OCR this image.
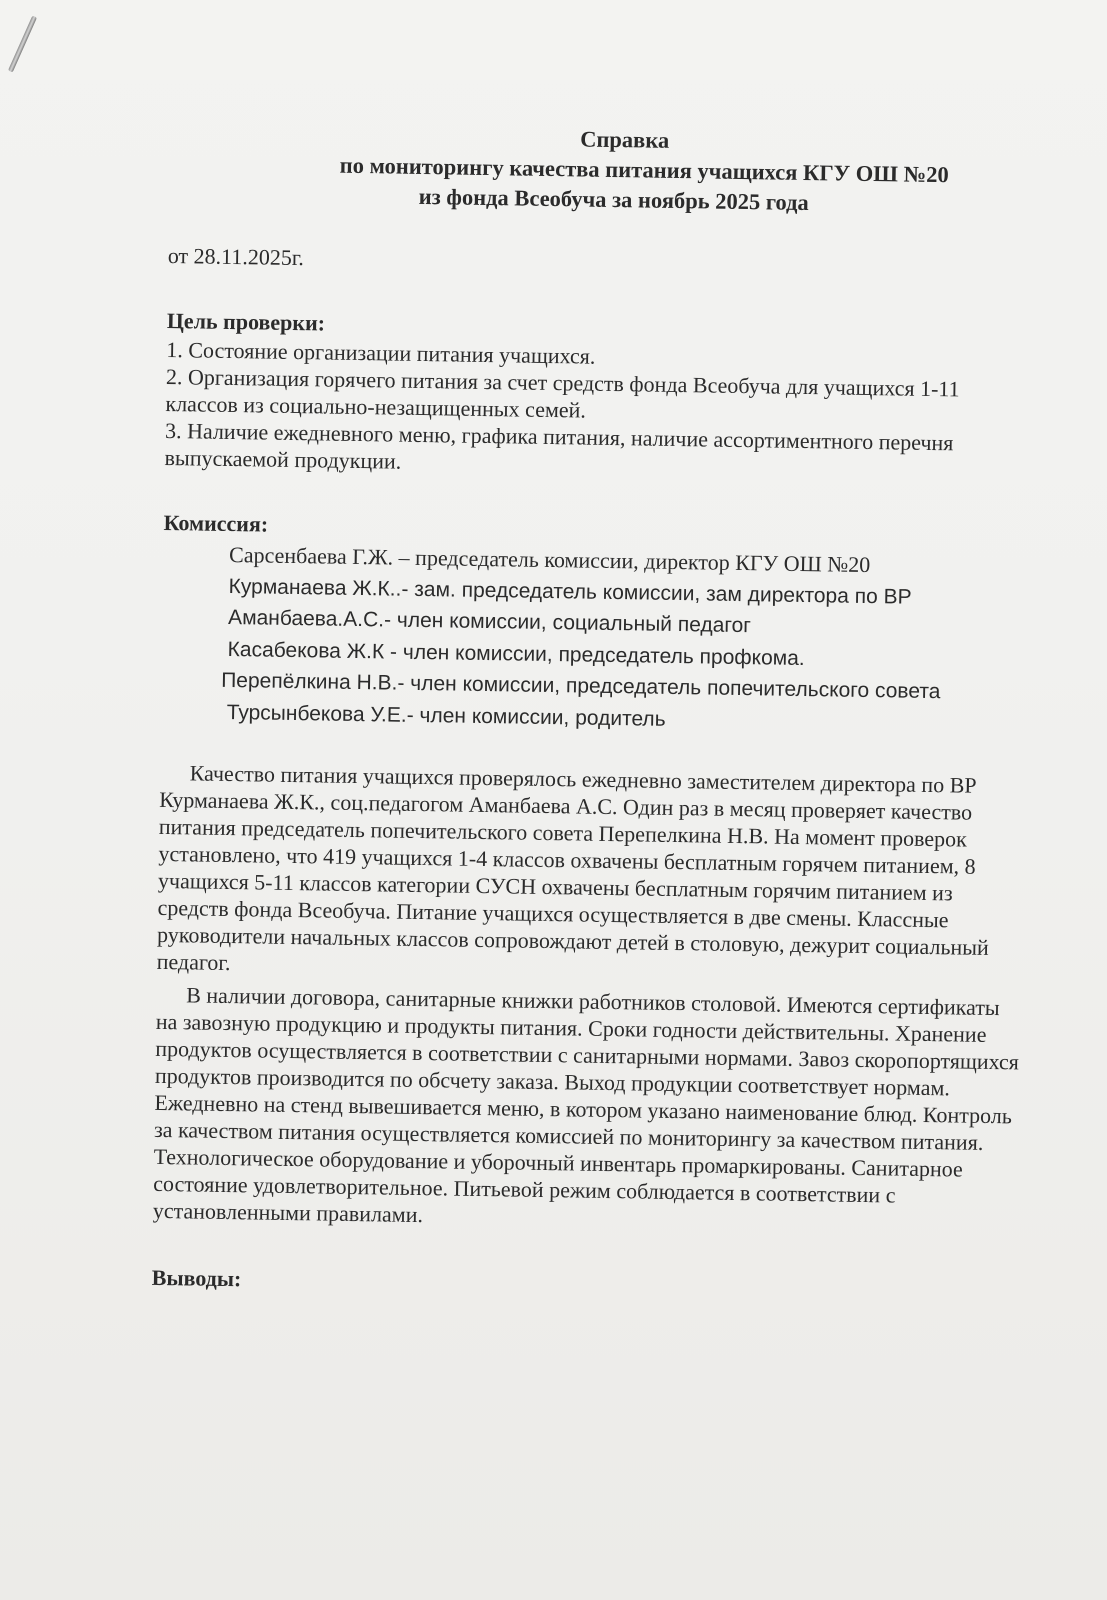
Справка
по мониторингу качества питания учащихся КГУ ОШ №20
из фонда Всеобуча за ноябрь 2025 года
от 28.11.2025г.
Цель проверки:
1. Состояние организации питания учащихся.
2. Организация горячего питания за счет средств фонда Всеобуча для учащихся 1-11 классов из социально-незащищенных семей.
3. Наличие ежедневного меню, графика питания, наличие ассортиментного перечня выпускаемой продукции.
Комиссия:
Сарсенбаева Г.Ж. – председатель комиссии, директор КГУ ОШ №20
Курманаева Ж.К..- зам. председатель комиссии, зам директора по ВР
Аманбаева.А.С.- член комиссии, социальный педагог
Касабекова Ж.К - член комиссии, председатель профкома.
Перепёлкина Н.В.- член комиссии, председатель попечительского совета
Турсынбекова У.Е.- член комиссии, родитель
Качество питания учащихся проверялось ежедневно заместителем директора по ВР Курманаева Ж.К., соц.педагогом Аманбаева А.С. Один раз в месяц проверяет качество питания председатель попечительского совета Перепелкина Н.В. На момент проверок установлено, что 419 учащихся 1-4 классов охвачены бесплатным горячем питанием, 8 учащихся 5-11 классов категории СУСН охвачены бесплатным горячим питанием из средств фонда Всеобуча. Питание учащихся осуществляется в две смены. Классные руководители начальных классов сопровождают детей в столовую, дежурит социальный педагог.
В наличии договора, санитарные книжки работников столовой. Имеются сертификаты на завозную продукцию и продукты питания. Сроки годности действительны. Хранение продуктов осуществляется в соответствии с санитарными нормами. Завоз скоропортящихся продуктов производится по обсчету заказа. Выход продукции соответствует нормам. Ежедневно на стенд вывешивается меню, в котором указано наименование блюд. Контроль за качеством питания осуществляется комиссией по мониторингу за качеством питания. Технологическое оборудование и уборочный инвентарь промаркированы. Санитарное состояние удовлетворительное. Питьевой режим соблюдается в соответствии с установленными правилами.
Выводы:
